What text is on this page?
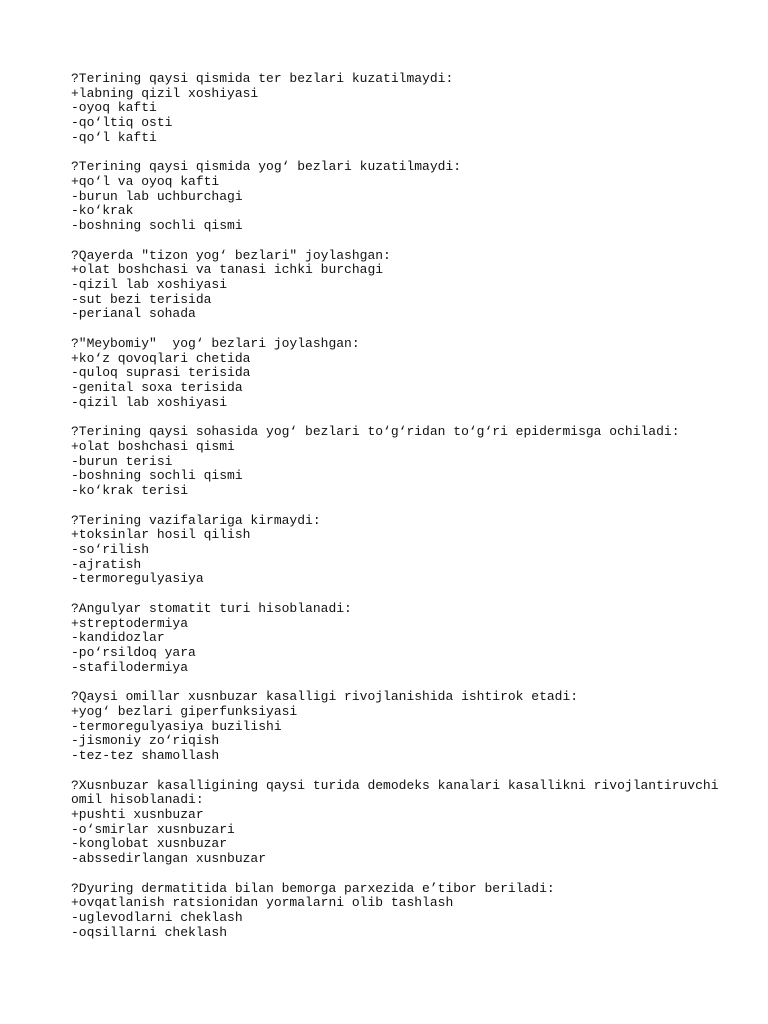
?Terining qaysi qismida ter bezlari kuzatilmaydi:
+labning qizil xoshiyasi
-oyoq kafti
-qo‘ltiq osti
-qo‘l kafti
?Terining qaysi qismida yog‘ bezlari kuzatilmaydi:
+qo‘l va oyoq kafti
-burun lab uchburchagi
-ko‘krak
-boshning sochli qismi
?Qayerda "tizon yog‘ bezlari" joylashgan:
+olat boshchasi va tanasi ichki burchagi
-qizil lab xoshiyasi
-sut bezi terisida
-perianal sohada
?"Meybomiy"  yog‘ bezlari joylashgan:
+ko‘z qovoqlari chetida
-quloq suprasi terisida
-genital soxa terisida
-qizil lab xoshiyasi
?Terining qaysi sohasida yog‘ bezlari to‘g‘ridan to‘g‘ri epidermisga ochiladi:
+olat boshchasi qismi
-burun terisi
-boshning sochli qismi
-ko‘krak terisi
?Terining vazifalariga kirmaydi:
+toksinlar hosil qilish
-so‘rilish
-ajratish
-termoregulyasiya
?Angulyar stomatit turi hisoblanadi:
+streptodermiya
-kandidozlar
-po‘rsildoq yara
-stafilodermiya
?Qaysi omillar xusnbuzar kasalligi rivojlanishida ishtirok etadi:
+yog‘ bezlari giperfunksiyasi
-termoregulyasiya buzilishi
-jismoniy zo‘riqish
-tez-tez shamollash
?Xusnbuzar kasalligining qaysi turida demodeks kanalari kasallikni rivojlantiruvchi omil hisoblanadi:
+pushti xusnbuzar
-o‘smirlar xusnbuzari
-konglobat xusnbuzar
-abssedirlangan xusnbuzar
?Dyuring dermatitida bilan bemorga parxezida e’tibor beriladi:
+ovqatlanish ratsionidan yormalarni olib tashlash
-uglevodlarni cheklash
-oqsillarni cheklash
